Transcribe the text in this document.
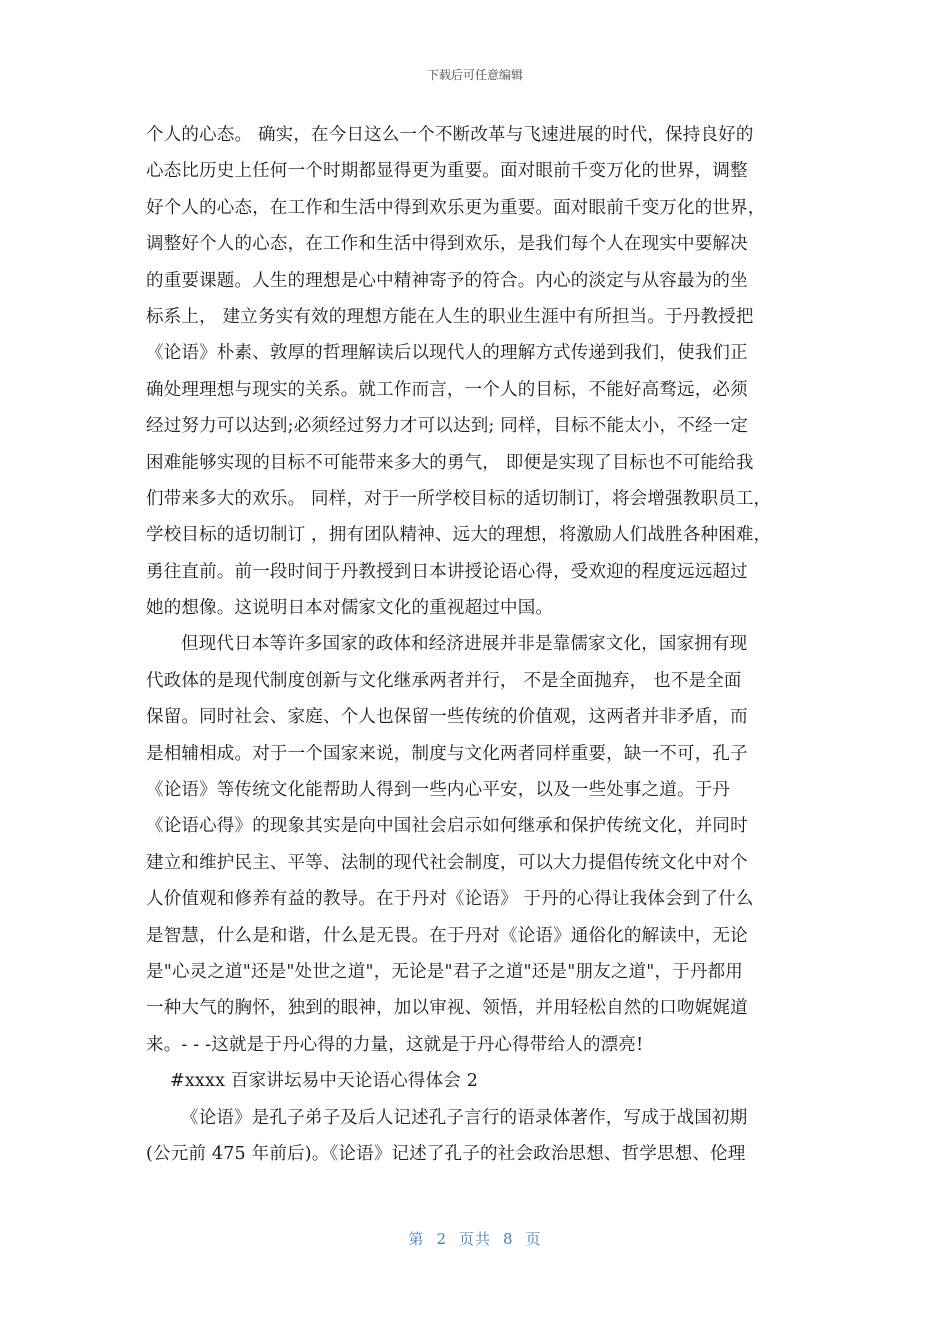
下载后可任意编辑
个人的心态。 确实，在今日这么一个不断改革与飞速进展的时代，保持良好的
心态比历史上任何一个时期都显得更为重要。面对眼前千变万化的世界，调整
好个人的心态，在工作和生活中得到欢乐更为重要。面对眼前千变万化的世界，
调整好个人的心态，在工作和生活中得到欢乐，是我们每个人在现实中要解决
的重要课题。人生的理想是心中精神寄予的符合。内心的淡定与从容最为的坐
标系上， 建立务实有效的理想方能在人生的职业生涯中有所担当。于丹教授把
《论语》朴素、敦厚的哲理解读后以现代人的理解方式传递到我们，使我们正
确处理理想与现实的关系。就工作而言，一个人的目标，不能好高骛远，必须
经过努力可以达到;必须经过努力才可以达到; 同样，目标不能太小，不经一定
困难能够实现的目标不可能带来多大的勇气， 即便是实现了目标也不可能给我
们带来多大的欢乐。 同样，对于一所学校目标的适切制订，将会增强教职员工，
学校目标的适切制订 ，拥有团队精神、远大的理想，将激励人们战胜各种困难，
勇往直前。前一段时间于丹教授到日本讲授论语心得，受欢迎的程度远远超过
她的想像。这说明日本对儒家文化的重视超过中国。
但现代日本等许多国家的政体和经济进展并非是靠儒家文化，国家拥有现
代政体的是现代制度创新与文化继承两者并行， 不是全面抛弃， 也不是全面
保留。同时社会、家庭、个人也保留一些传统的价值观，这两者并非矛盾，而
是相辅相成。对于一个国家来说，制度与文化两者同样重要，缺一不可，孔子
《论语》等传统文化能帮助人得到一些内心平安，以及一些处事之道。于丹
《论语心得》的现象其实是向中国社会启示如何继承和保护传统文化，并同时
建立和维护民主、平等、法制的现代社会制度，可以大力提倡传统文化中对个
人价值观和修养有益的教导。在于丹对《论语》 于丹的心得让我体会到了什么
是智慧，什么是和谐，什么是无畏。在于丹对《论语》通俗化的解读中，无论
是"心灵之道"还是"处世之道"，无论是"君子之道"还是"朋友之道"，于丹都用
一种大气的胸怀，独到的眼神，加以审视、领悟，并用轻松自然的口吻娓娓道
来。- - -这就是于丹心得的力量，这就是于丹心得带给人的漂亮!
#xxxx 百家讲坛易中天论语心得体会 2
《论语》是孔子弟子及后人记述孔子言行的语录体著作，写成于战国初期
(公元前 475 年前后)。《论语》记述了孔子的社会政治思想、哲学思想、伦理
第 2 页共 8 页
